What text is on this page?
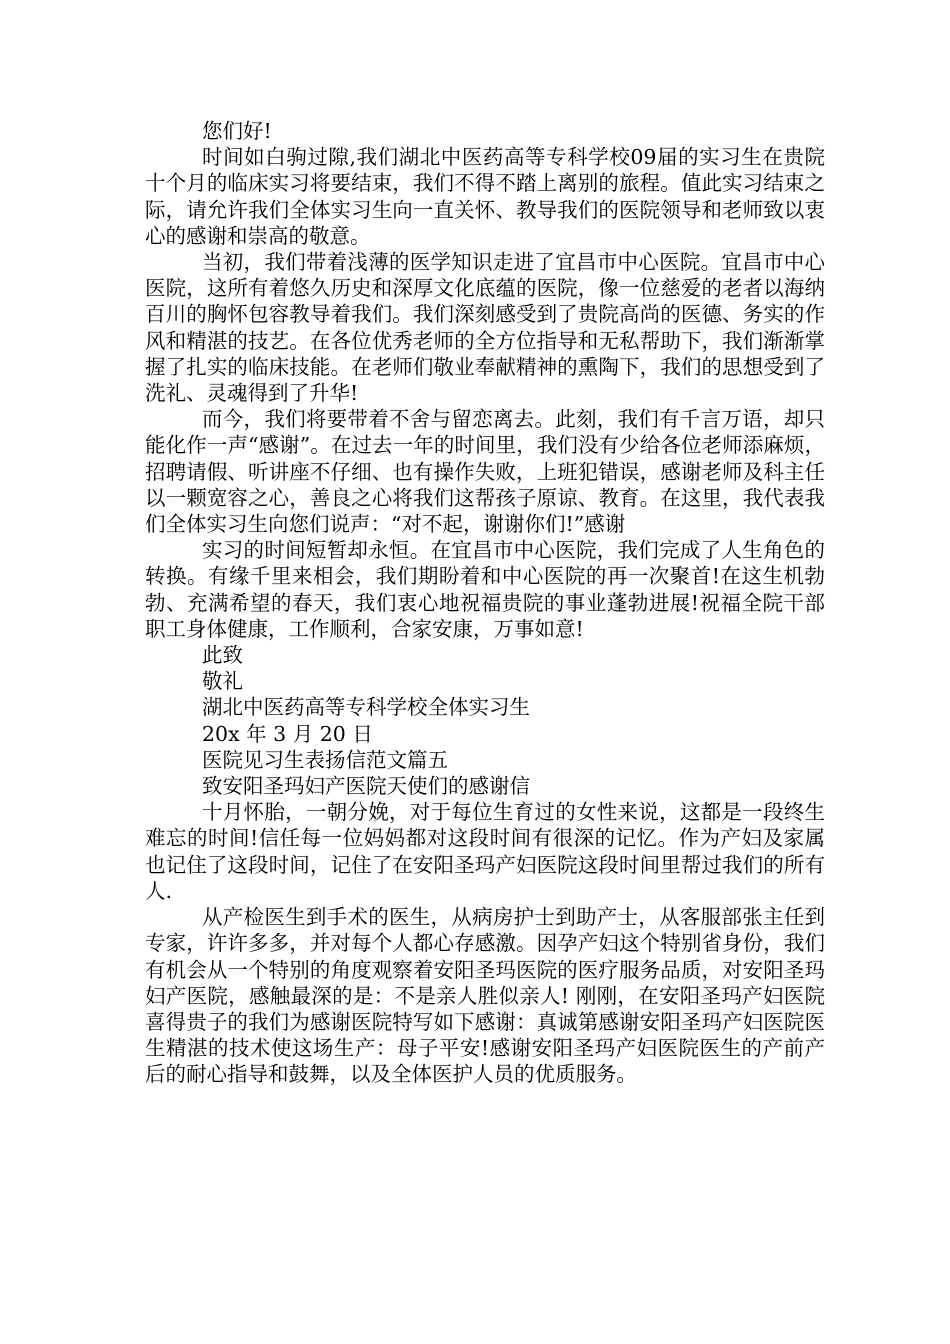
您们好!

时间如白驹过隙,我们湖北中医药高等专科学校09届的实习生在贵院十个月的临床实习将要结束，我们不得不踏上离别的旅程。值此实习结束之际，请允许我们全体实习生向一直关怀、教导我们的医院领导和老师致以衷心的感谢和崇高的敬意。

当初，我们带着浅薄的医学知识走进了宜昌市中心医院。宜昌市中心医院，这所有着悠久历史和深厚文化底蕴的医院，像一位慈爱的老者以海纳百川的胸怀包容教导着我们。我们深刻感受到了贵院高尚的医德、务实的作风和精湛的技艺。在各位优秀老师的全方位指导和无私帮助下，我们渐渐掌握了扎实的临床技能。在老师们敬业奉献精神的熏陶下，我们的思想受到了洗礼、灵魂得到了升华!

而今，我们将要带着不舍与留恋离去。此刻，我们有千言万语，却只能化作一声“感谢”。在过去一年的时间里，我们没有少给各位老师添麻烦，招聘请假、听讲座不仔细、也有操作失败，上班犯错误，感谢老师及科主任以一颗宽容之心，善良之心将我们这帮孩子原谅、教育。在这里，我代表我们全体实习生向您们说声：“对不起，谢谢你们!”感谢

实习的时间短暂却永恒。在宜昌市中心医院，我们完成了人生角色的转换。有缘千里来相会，我们期盼着和中心医院的再一次聚首!在这生机勃勃、充满希望的春天，我们衷心地祝福贵院的事业蓬勃进展!祝福全院干部职工身体健康，工作顺利，合家安康，万事如意!

此致

敬礼

湖北中医药高等专科学校全体实习生

20x 年 3 月 20 日

医院见习生表扬信范文篇五

致安阳圣玛妇产医院天使们的感谢信

十月怀胎，一朝分娩，对于每位生育过的女性来说，这都是一段终生难忘的时间!信任每一位妈妈都对这段时间有很深的记忆。作为产妇及家属也记住了这段时间，记住了在安阳圣玛产妇医院这段时间里帮过我们的所有人.

从产检医生到手术的医生，从病房护士到助产士，从客服部张主任到专家，许许多多，并对每个人都心存感激。因孕产妇这个特别省身份，我们有机会从一个特别的角度观察着安阳圣玛医院的医疗服务品质，对安阳圣玛妇产医院，感触最深的是：不是亲人胜似亲人! 刚刚，在安阳圣玛产妇医院喜得贵子的我们为感谢医院特写如下感谢：真诚第感谢安阳圣玛产妇医院医生精湛的技术使这场生产：母子平安!感谢安阳圣玛产妇医院医生的产前产后的耐心指导和鼓舞，以及全体医护人员的优质服务。
